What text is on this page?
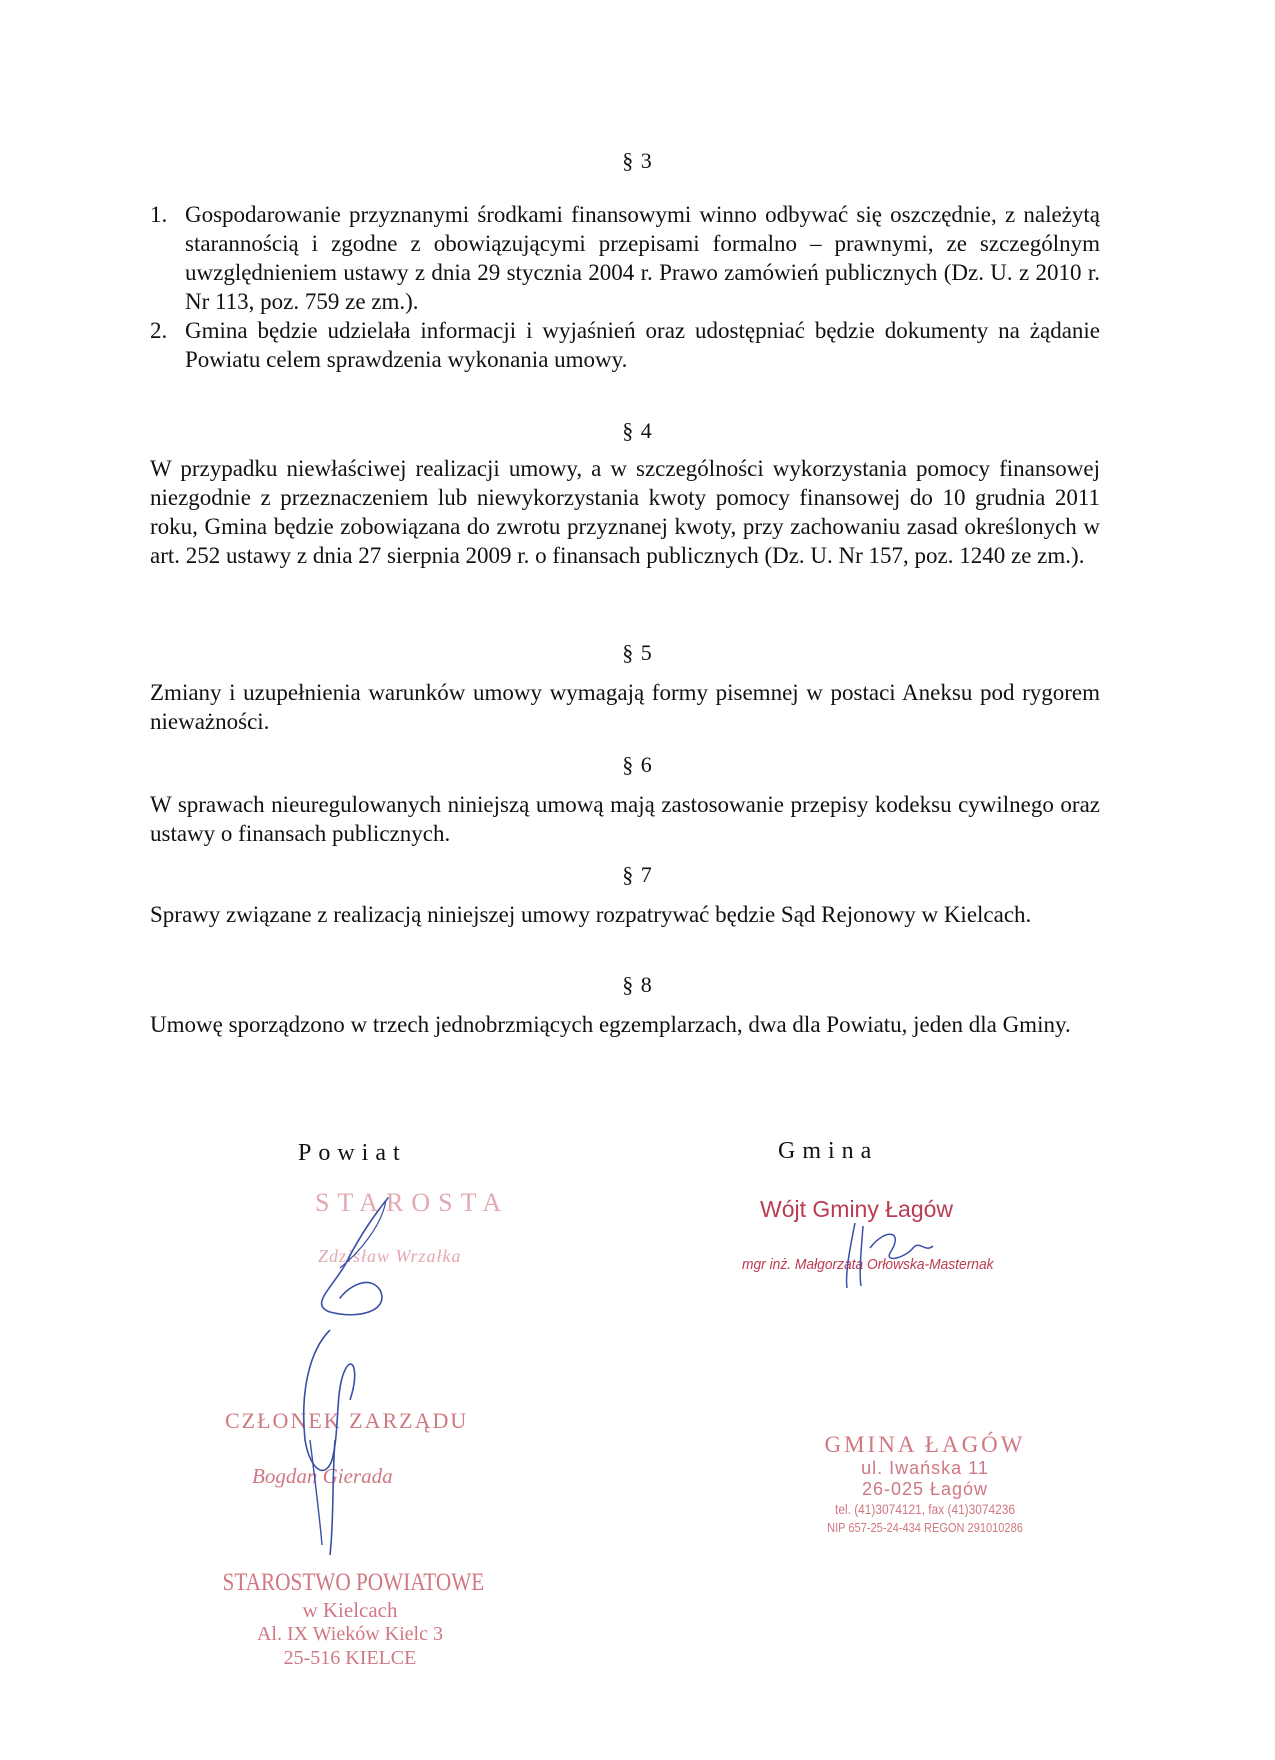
§ 3
1. Gospodarowanie przyznanymi środkami finansowymi winno odbywać się oszczędnie, z należytą starannością i zgodne z obowiązującymi przepisami formalno – prawnymi, ze szczególnym uwzględnieniem ustawy z dnia 29 stycznia 2004 r. Prawo zamówień publicznych (Dz. U. z 2010 r. Nr 113, poz. 759 ze zm.).
2. Gmina będzie udzielała informacji i wyjaśnień oraz udostępniać będzie dokumenty na żądanie Powiatu celem sprawdzenia wykonania umowy.
§ 4
W przypadku niewłaściwej realizacji umowy, a w szczególności wykorzystania pomocy finansowej niezgodnie z przeznaczeniem lub niewykorzystania kwoty pomocy finansowej do 10 grudnia 2011 roku, Gmina będzie zobowiązana do zwrotu przyznanej kwoty, przy zachowaniu zasad określonych w art. 252 ustawy z dnia 27 sierpnia 2009 r. o finansach publicznych (Dz. U. Nr 157, poz. 1240 ze zm.).
§ 5
Zmiany i uzupełnienia warunków umowy wymagają formy pisemnej w postaci Aneksu pod rygorem nieważności.
§ 6
W sprawach nieuregulowanych niniejszą umową mają zastosowanie przepisy kodeksu cywilnego oraz ustawy o finansach publicznych.
§ 7
Sprawy związane z realizacją niniejszej umowy rozpatrywać będzie Sąd Rejonowy w Kielcach.
§ 8
Umowę sporządzono w trzech jednobrzmiących egzemplarzach, dwa dla Powiatu, jeden dla Gminy.
Powiat	Gmina
STAROSTA
Zdzisław Wrzałka
Wójt Gminy Łagów
mgr inż. Małgorzata Orłowska-Masternak
CZŁONEK ZARZĄDU
Bogdan Gierada
STAROSTWO POWIATOWE
w Kielcach
Al. IX Wieków Kielc 3
25-516 KIELCE
GMINA ŁAGÓW
ul. Iwańska 11
26-025 Łagów
tel. (41)3074121, fax (41)3074236
NIP 657-25-24-434 REGON 291010286
